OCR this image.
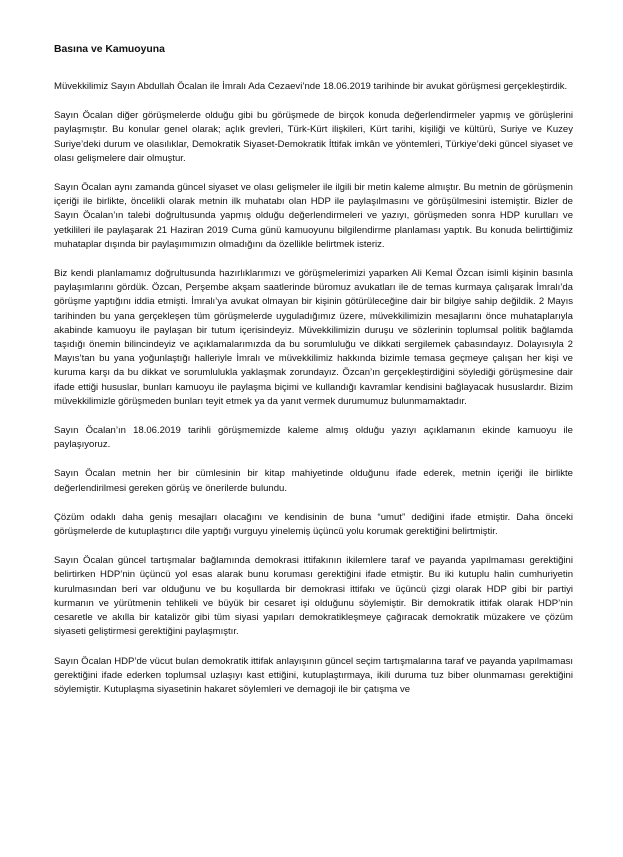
Basına ve Kamuoyuna

Müvekkilimiz Sayın Abdullah Öcalan ile İmralı Ada Cezaevi’nde 18.06.2019 tarihinde bir avukat görüşmesi gerçekleştirdik.

Sayın Öcalan diğer görüşmelerde olduğu gibi bu görüşmede de birçok konuda değerlendirmeler yapmış ve görüşlerini paylaşmıştır. Bu konular genel olarak; açlık grevleri, Türk-Kürt ilişkileri, Kürt tarihi, kişiliği ve kültürü, Suriye ve Kuzey Suriye’deki durum ve olasılıklar, Demokratik Siyaset-Demokratik İttifak imkân ve yöntemleri, Türkiye’deki güncel siyaset ve olası gelişmelere dair olmuştur.

Sayın Öcalan aynı zamanda güncel siyaset ve olası gelişmeler ile ilgili bir metin kaleme almıştır. Bu metnin de görüşmenin içeriği ile birlikte, öncelikli olarak metnin ilk muhatabı olan HDP ile paylaşılmasını ve görüşülmesini istemiştir. Bizler de Sayın Öcalan’ın talebi doğrultusunda yapmış olduğu değerlendirmeleri ve yazıyı, görüşmeden sonra HDP kurulları ve yetkilileri ile paylaşarak 21 Haziran 2019 Cuma günü kamuoyunu bilgilendirme planlaması yaptık. Bu konuda belirttiğimiz muhataplar dışında bir paylaşımımızın olmadığını da özellikle belirtmek isteriz.

Biz kendi planlamamız doğrultusunda hazırlıklarımızı ve görüşmelerimizi yaparken Ali Kemal Özcan isimli kişinin basınla paylaşımlarını gördük. Özcan, Perşembe akşam saatlerinde büromuz avukatları ile de temas kurmaya çalışarak İmralı’da görüşme yaptığını iddia etmişti. İmralı’ya avukat olmayan bir kişinin götürüleceğine dair bir bilgiye sahip değildik. 2 Mayıs tarihinden bu yana gerçekleşen tüm görüşmelerde uyguladığımız üzere, müvekkilimizin mesajlarını önce muhataplarıyla akabinde kamuoyu ile paylaşan bir tutum içerisindeyiz. Müvekkilimizin duruşu ve sözlerinin toplumsal politik bağlamda taşıdığı önemin bilincindeyiz ve açıklamalarımızda da bu sorumluluğu ve dikkati sergilemek çabasındayız. Dolayısıyla 2 Mayıs’tan bu yana yoğunlaştığı halleriyle İmralı ve müvekkilimiz hakkında bizimle temasa geçmeye çalışan her kişi ve kuruma karşı da bu dikkat ve sorumlulukla yaklaşmak zorundayız. Özcan’ın gerçekleştirdiğini söylediği görüşmesine dair ifade ettiği hususlar, bunları kamuoyu ile paylaşma biçimi ve kullandığı kavramlar kendisini bağlayacak hususlardır. Bizim müvekkilimizle görüşmeden bunları teyit etmek ya da yanıt vermek durumumuz bulunmamaktadır.

Sayın Öcalan’ın 18.06.2019 tarihli görüşmemizde kaleme almış olduğu yazıyı açıklamanın ekinde kamuoyu ile paylaşıyoruz.

Sayın Öcalan metnin her bir cümlesinin bir kitap mahiyetinde olduğunu ifade ederek, metnin içeriği ile birlikte değerlendirilmesi gereken görüş ve önerilerde bulundu.

Çözüm odaklı daha geniş mesajları olacağını ve kendisinin de buna “umut” dediğini ifade etmiştir. Daha önceki görüşmelerde de kutuplaştırıcı dile yaptığı vurguyu yinelemiş üçüncü yolu korumak gerektiğini belirtmiştir.

Sayın Öcalan güncel tartışmalar bağlamında demokrasi ittifakının ikilemlere taraf ve payanda yapılmaması gerektiğini belirtirken HDP’nin üçüncü yol esas alarak bunu koruması gerektiğini ifade etmiştir. Bu iki kutuplu halin cumhuriyetin kurulmasından beri var olduğunu ve bu koşullarda bir demokrasi ittifakı ve üçüncü çizgi olarak HDP gibi bir partiyi kurmanın ve yürütmenin tehlikeli ve büyük bir cesaret işi olduğunu söylemiştir. Bir demokratik ittifak olarak HDP’nin cesaretle ve akılla bir katalizör gibi tüm siyasi yapıları demokratikleşmeye çağıracak demokratik müzakere ve çözüm siyaseti geliştirmesi gerektiğini paylaşmıştır.

Sayın Öcalan HDP’de vücut bulan demokratik ittifak anlayışının güncel seçim tartışmalarına taraf ve payanda yapılmaması gerektiğini ifade ederken toplumsal uzlaşıyı kast ettiğini, kutuplaştırmaya, ikili duruma tuz biber olunmaması gerektiğini söylemiştir. Kutuplaşma siyasetinin hakaret söylemleri ve demagoji ile bir çatışma ve
